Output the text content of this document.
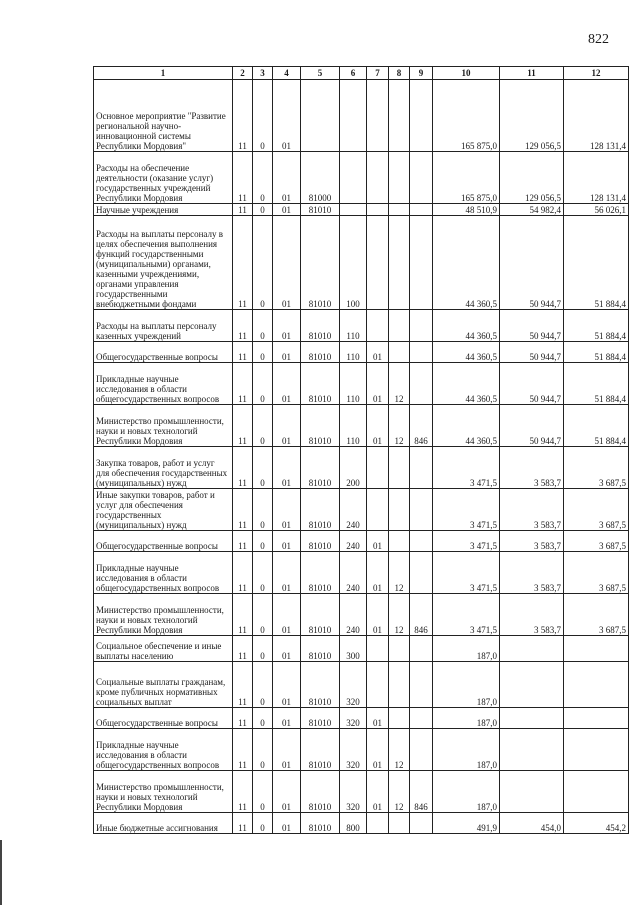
822
1	2	3	4	5	6	7	8	9	10	11	12
Основное мероприятие "Развитие региональной научно-инновационной системы Республики Мордовия"	11	0	01						165 875,0	129 056,5	128 131,4
Расходы на обеспечение деятельности (оказание услуг) государственных учреждений Республики Мордовия	11	0	01	81000					165 875,0	129 056,5	128 131,4
Научные учреждения	11	0	01	81010					48 510,9	54 982,4	56 026,1
Расходы на выплаты персоналу в целях обеспечения выполнения функций государственными (муниципальными) органами, казенными учреждениями, органами управления государственными внебюджетными фондами	11	0	01	81010	100				44 360,5	50 944,7	51 884,4
Расходы на выплаты персоналу казенных учреждений	11	0	01	81010	110				44 360,5	50 944,7	51 884,4
Общегосударственные вопросы	11	0	01	81010	110	01			44 360,5	50 944,7	51 884,4
Прикладные научные исследования в области общегосударственных вопросов	11	0	01	81010	110	01	12		44 360,5	50 944,7	51 884,4
Министерство промышленности, науки и новых технологий Республики Мордовия	11	0	01	81010	110	01	12	846	44 360,5	50 944,7	51 884,4
Закупка товаров, работ и услуг для обеспечения государственных (муниципальных) нужд	11	0	01	81010	200				3 471,5	3 583,7	3 687,5
Иные закупки товаров, работ и услуг для обеспечения государственных (муниципальных) нужд	11	0	01	81010	240				3 471,5	3 583,7	3 687,5
Общегосударственные вопросы	11	0	01	81010	240	01			3 471,5	3 583,7	3 687,5
Прикладные научные исследования в области общегосударственных вопросов	11	0	01	81010	240	01	12		3 471,5	3 583,7	3 687,5
Министерство промышленности, науки и новых технологий Республики Мордовия	11	0	01	81010	240	01	12	846	3 471,5	3 583,7	3 687,5
Социальное обеспечение и иные выплаты населению	11	0	01	81010	300				187,0		
Социальные выплаты гражданам, кроме публичных нормативных социальных выплат	11	0	01	81010	320				187,0		
Общегосударственные вопросы	11	0	01	81010	320	01			187,0		
Прикладные научные исследования в области общегосударственных вопросов	11	0	01	81010	320	01	12		187,0		
Министерство промышленности, науки и новых технологий Республики Мордовия	11	0	01	81010	320	01	12	846	187,0		
Иные бюджетные ассигнования	11	0	01	81010	800				491,9	454,0	454,2
